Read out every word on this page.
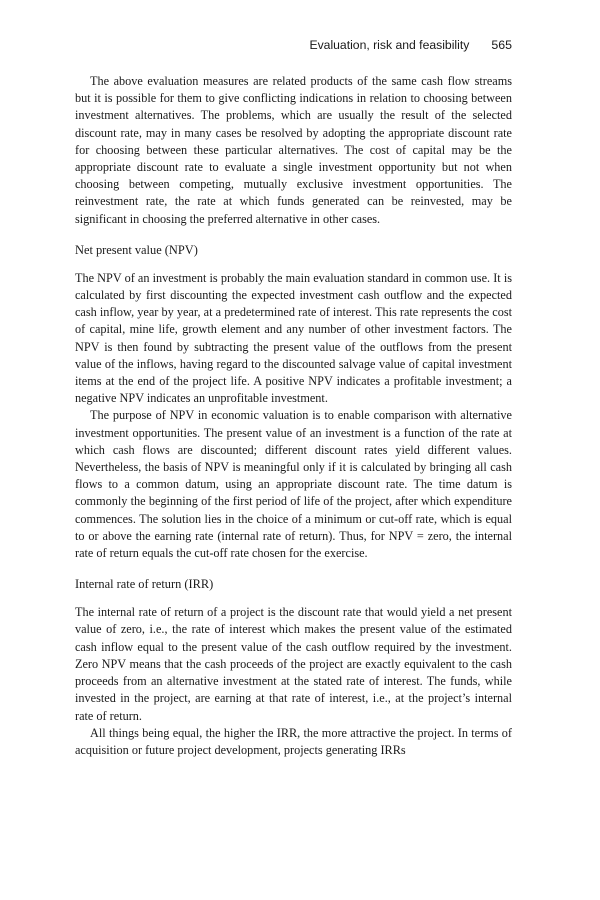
Evaluation, risk and feasibility 565

The above evaluation measures are related products of the same cash flow streams but it is possible for them to give conflicting indications in relation to choosing between investment alternatives. The problems, which are usually the result of the selected discount rate, may in many cases be resolved by adopting the appropriate discount rate for choosing between these particular alternatives. The cost of capital may be the appropriate discount rate to evaluate a single investment opportunity but not when choosing between competing, mutually exclusive investment opportunities. The reinvestment rate, the rate at which funds generated can be reinvested, may be significant in choosing the preferred alternative in other cases.

Net present value (NPV)

The NPV of an investment is probably the main evaluation standard in common use. It is calculated by first discounting the expected investment cash outflow and the expected cash inflow, year by year, at a predetermined rate of interest. This rate represents the cost of capital, mine life, growth element and any number of other investment factors. The NPV is then found by subtracting the present value of the outflows from the present value of the inflows, having regard to the discounted salvage value of capital investment items at the end of the project life. A positive NPV indicates a profitable investment; a negative NPV indicates an unprofitable investment.

The purpose of NPV in economic valuation is to enable comparison with alternative investment opportunities. The present value of an investment is a function of the rate at which cash flows are discounted; different discount rates yield different values. Nevertheless, the basis of NPV is meaningful only if it is calculated by bringing all cash flows to a common datum, using an appropriate discount rate. The time datum is commonly the beginning of the first period of life of the project, after which expenditure commences. The solution lies in the choice of a minimum or cut-off rate, which is equal to or above the earning rate (internal rate of return). Thus, for NPV = zero, the internal rate of return equals the cut-off rate chosen for the exercise.

Internal rate of return (IRR)

The internal rate of return of a project is the discount rate that would yield a net present value of zero, i.e., the rate of interest which makes the present value of the estimated cash inflow equal to the present value of the cash outflow required by the investment. Zero NPV means that the cash proceeds of the project are exactly equivalent to the cash proceeds from an alternative investment at the stated rate of interest. The funds, while invested in the project, are earning at that rate of interest, i.e., at the project’s internal rate of return.

All things being equal, the higher the IRR, the more attractive the project. In terms of acquisition or future project development, projects generating IRRs
